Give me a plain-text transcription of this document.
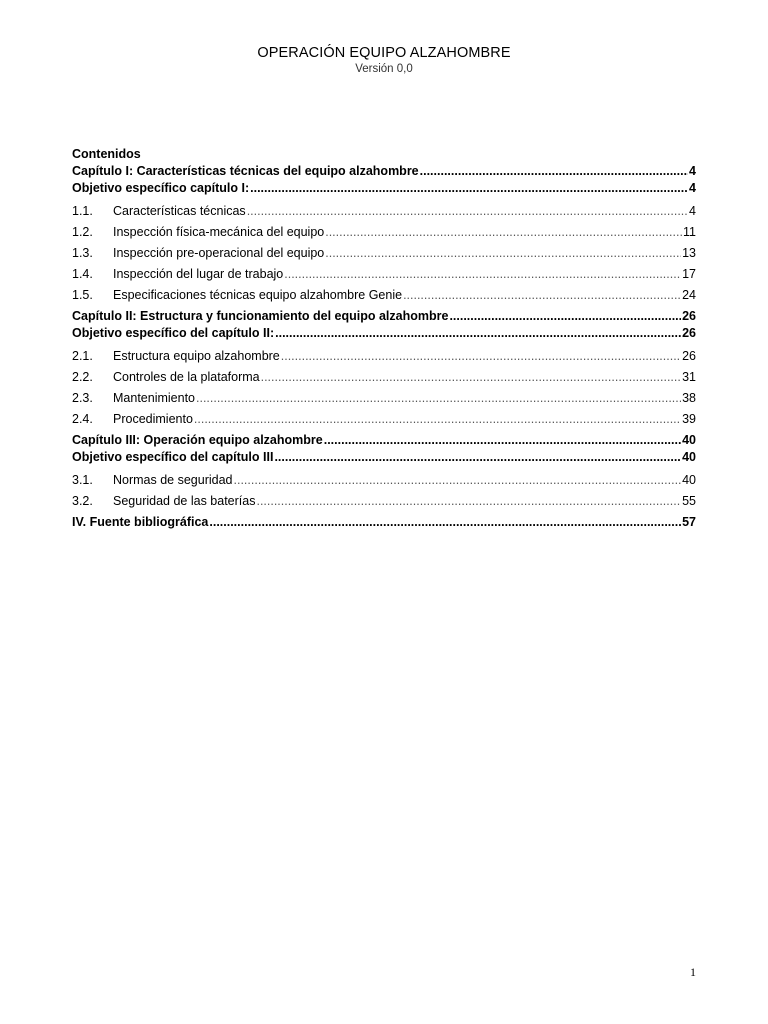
OPERACIÓN EQUIPO ALZAHOMBRE
Versión 0,0
Contenidos
Capítulo I: Características técnicas del equipo alzahombre .....	4
Objetivo específico capítulo I: .....	4
1.1.	Características técnicas .....	4
1.2.	Inspección física-mecánica del equipo .....	11
1.3.	Inspección pre-operacional del equipo .....	13
1.4.	Inspección del lugar de trabajo .....	17
1.5.	Especificaciones técnicas equipo alzahombre Genie .....	24
Capítulo II: Estructura y funcionamiento del equipo alzahombre .....	26
Objetivo específico del capítulo II: .....	26
2.1.	Estructura equipo alzahombre .....	26
2.2.	Controles de la plataforma .....	31
2.3.	Mantenimiento .....	38
2.4.	Procedimiento .....	39
Capítulo III: Operación equipo alzahombre .....	40
Objetivo específico del capítulo III .....	40
3.1.	Normas de seguridad .....	40
3.2.	Seguridad de las baterías .....	55
IV. Fuente bibliográfica .....	57
1
